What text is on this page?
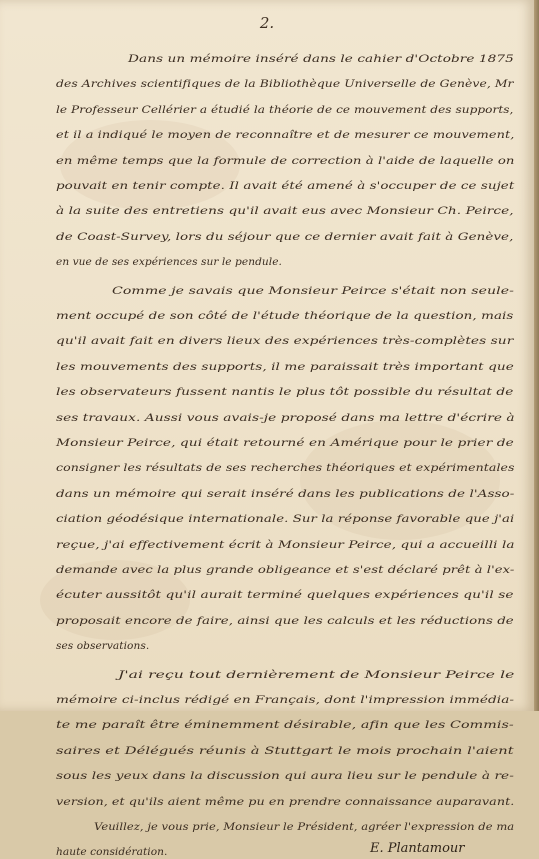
2.
Dans un mémoire inséré dans le cahier d'Octobre 1875
des Archives scientifiques de la Bibliothèque Universelle de Genève, Mr
le Professeur Cellérier a étudié la théorie de ce mouvement des supports,
et il a indiqué le moyen de reconnaître et de mesurer ce mouvement,
en même temps que la formule de correction à l'aide de laquelle on
pouvait en tenir compte. Il avait été amené à s'occuper de ce sujet
à la suite des entretiens qu'il avait eus avec Monsieur Ch. Peirce,
de Coast-Survey, lors du séjour que ce dernier avait fait à Genève,
en vue de ses expériences sur le pendule.
Comme je savais que Monsieur Peirce s'était non seule-
ment occupé de son côté de l'étude théorique de la question, mais
qu'il avait fait en divers lieux des expériences très-complètes sur
les mouvements des supports, il me paraissait très important que
les observateurs fussent nantis le plus tôt possible du résultat de
ses travaux. Aussi vous avais-je proposé dans ma lettre d'écrire à
Monsieur Peirce, qui était retourné en Amérique pour le prier de
consigner les résultats de ses recherches théoriques et expérimentales
dans un mémoire qui serait inséré dans les publications de l'Asso-
ciation géodésique internationale. Sur la réponse favorable que j'ai
reçue, j'ai effectivement écrit à Monsieur Peirce, qui a accueilli la
demande avec la plus grande obligeance et s'est déclaré prêt à l'ex-
écuter aussitôt qu'il aurait terminé quelques expériences qu'il se
proposait encore de faire, ainsi que les calculs et les réductions de
ses observations.
J'ai reçu tout dernièrement de Monsieur Peirce le
mémoire ci-inclus rédigé en Français, dont l'impression immédia-
te me paraît être éminemment désirable, afin que les Commis-
saires et Délégués réunis à Stuttgart le mois prochain l'aient
sous les yeux dans la discussion qui aura lieu sur le pendule à re-
version, et qu'ils aient même pu en prendre connaissance auparavant.
Veuillez, je vous prie, Monsieur le Président, agréer l'expression de ma
haute considération.	E. Plantamour
